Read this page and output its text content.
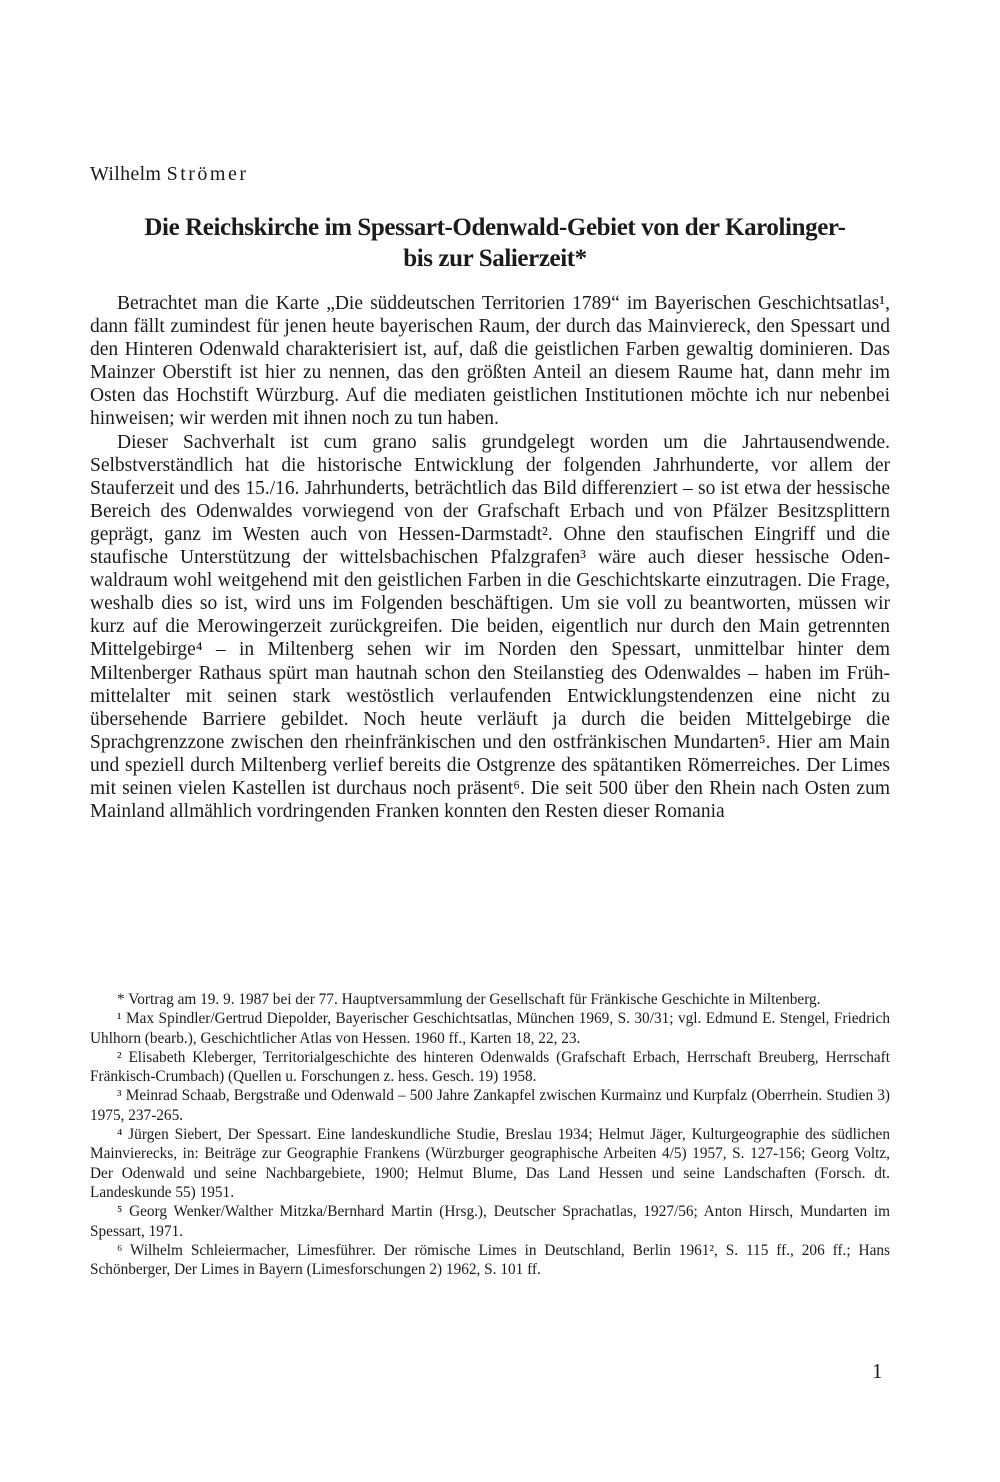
Wilhelm Strömer
Die Reichskirche im Spessart-Odenwald-Gebiet von der Karolinger-
bis zur Salierzeit*

Betrachtet man die Karte „Die süddeutschen Territorien 1789“ im Bayerischen Geschichtsatlas¹, dann fällt zumindest für jenen heute bayerischen Raum, der durch das Mainviereck, den Spessart und den Hinteren Odenwald charakterisiert ist, auf, daß die geistlichen Farben gewaltig dominieren. Das Mainzer Oberstift ist hier zu nennen, das den größten Anteil an diesem Raume hat, dann mehr im Osten das Hochstift Würzburg. Auf die mediaten geistlichen Institutionen möchte ich nur nebenbei hinweisen; wir werden mit ihnen noch zu tun haben.

Dieser Sachverhalt ist cum grano salis grundgelegt worden um die Jahrtausendwende. Selbstverständlich hat die historische Entwicklung der folgenden Jahrhunderte, vor allem der Stauferzeit und des 15./16. Jahrhunderts, beträchtlich das Bild differenziert – so ist etwa der hessische Bereich des Odenwaldes vorwiegend von der Grafschaft Erbach und von Pfälzer Besitzsplittern geprägt, ganz im Westen auch von Hessen-Darmstadt². Ohne den staufischen Eingriff und die staufische Unterstützung der wittelsbachischen Pfalzgrafen³ wäre auch dieser hessische Odenwaldraum wohl weitgehend mit den geistlichen Farben in die Geschichtskarte einzutragen. Die Frage, weshalb dies so ist, wird uns im Folgenden beschäftigen. Um sie voll zu beantworten, müssen wir kurz auf die Merowingerzeit zurückgreifen. Die beiden, eigentlich nur durch den Main getrennten Mittelgebirge⁴ – in Miltenberg sehen wir im Norden den Spessart, unmittelbar hinter dem Miltenberger Rathaus spürt man hautnah schon den Steilanstieg des Odenwaldes – haben im Frühmittelalter mit seinen stark westöstlich verlaufenden Entwicklungstendenzen eine nicht zu übersehende Barriere gebildet. Noch heute verläuft ja durch die beiden Mittelgebirge die Sprachgrenzzone zwischen den rheinfränkischen und den ostfränkischen Mundarten⁵. Hier am Main und speziell durch Miltenberg verlief bereits die Ostgrenze des spätantiken Römerreiches. Der Limes mit seinen vielen Kastellen ist durchaus noch präsent⁶. Die seit 500 über den Rhein nach Osten zum Mainland allmählich vordringenden Franken konnten den Resten dieser Romania

* Vortrag am 19. 9. 1987 bei der 77. Hauptversammlung der Gesellschaft für Fränkische Geschichte in Miltenberg.

¹ Max Spindler/Gertrud Diepolder, Bayerischer Geschichtsatlas, München 1969, S. 30/31; vgl. Edmund E. Stengel, Friedrich Uhlhorn (bearb.), Geschichtlicher Atlas von Hessen. 1960 ff., Karten 18, 22, 23.

² Elisabeth Kleberger, Territorialgeschichte des hinteren Odenwalds (Grafschaft Erbach, Herrschaft Breuberg, Herrschaft Fränkisch-Crumbach) (Quellen u. Forschungen z. hess. Gesch. 19) 1958.

³ Meinrad Schaab, Bergstraße und Odenwald – 500 Jahre Zankapfel zwischen Kurmainz und Kurpfalz (Oberrhein. Studien 3) 1975, 237-265.

⁴ Jürgen Siebert, Der Spessart. Eine landeskundliche Studie, Breslau 1934; Helmut Jäger, Kulturgeographie des südlichen Mainvierecks, in: Beiträge zur Geographie Frankens (Würzburger geographische Arbeiten 4/5) 1957, S. 127-156; Georg Voltz, Der Odenwald und seine Nachbargebiete, 1900; Helmut Blume, Das Land Hessen und seine Landschaften (Forsch. dt. Landeskunde 55) 1951.

⁵ Georg Wenker/Walther Mitzka/Bernhard Martin (Hrsg.), Deutscher Sprachatlas, 1927/56; Anton Hirsch, Mundarten im Spessart, 1971.

⁶ Wilhelm Schleiermacher, Limesführer. Der römische Limes in Deutschland, Berlin 1961², S. 115 ff., 206 ff.; Hans Schönberger, Der Limes in Bayern (Limesforschungen 2) 1962, S. 101 ff.

1
